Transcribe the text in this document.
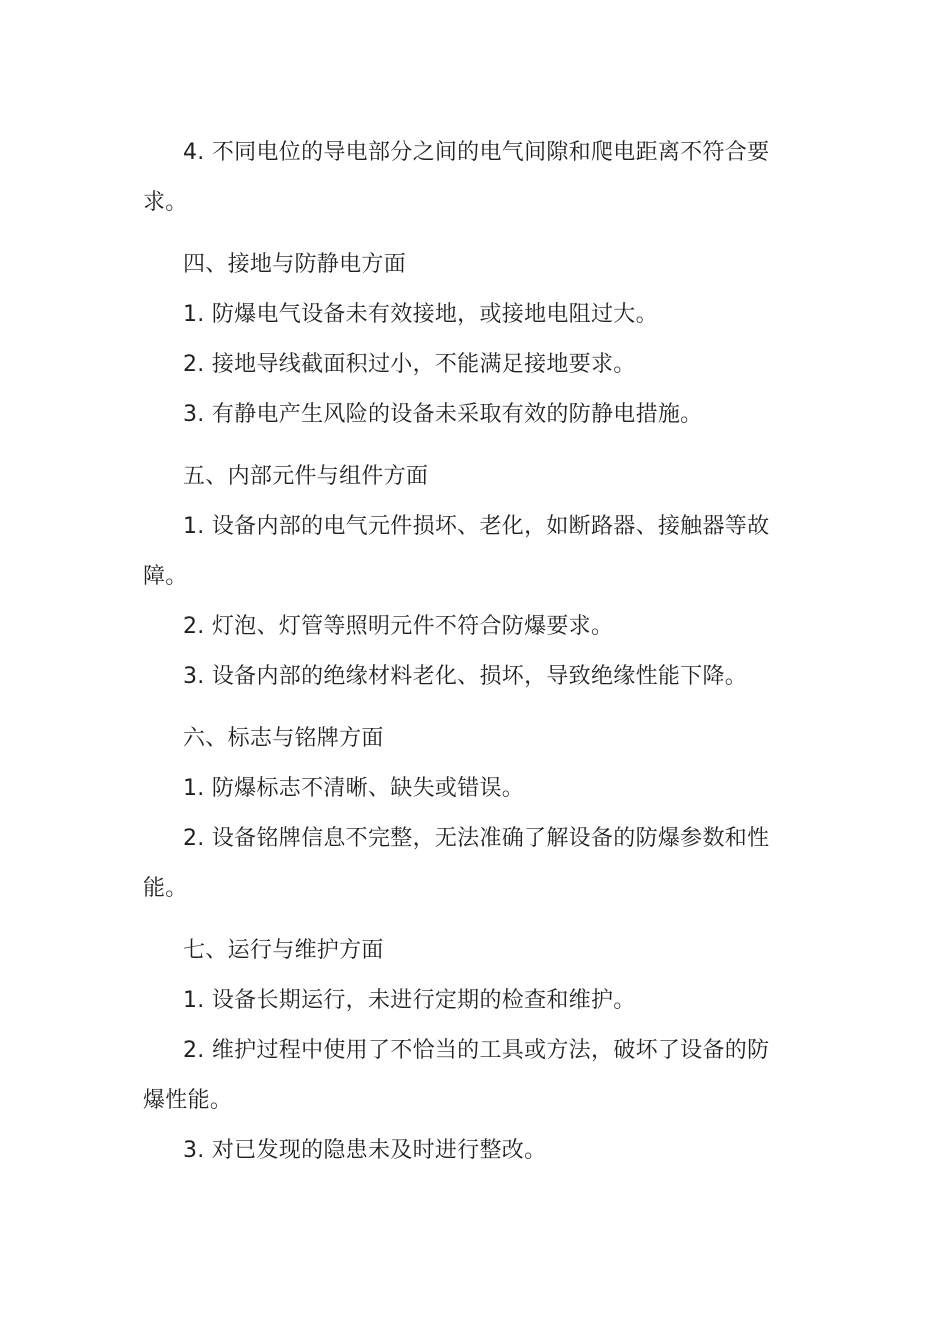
4. 不同电位的导电部分之间的电气间隙和爬电距离不符合要求。

四、接地与防静电方面

1. 防爆电气设备未有效接地，或接地电阻过大。

2. 接地导线截面积过小，不能满足接地要求。

3. 有静电产生风险的设备未采取有效的防静电措施。

五、内部元件与组件方面

1. 设备内部的电气元件损坏、老化，如断路器、接触器等故障。

2. 灯泡、灯管等照明元件不符合防爆要求。

3. 设备内部的绝缘材料老化、损坏，导致绝缘性能下降。

六、标志与铭牌方面

1. 防爆标志不清晰、缺失或错误。

2. 设备铭牌信息不完整，无法准确了解设备的防爆参数和性能。

七、运行与维护方面

1. 设备长期运行，未进行定期的检查和维护。

2. 维护过程中使用了不恰当的工具或方法，破坏了设备的防爆性能。

3. 对已发现的隐患未及时进行整改。
